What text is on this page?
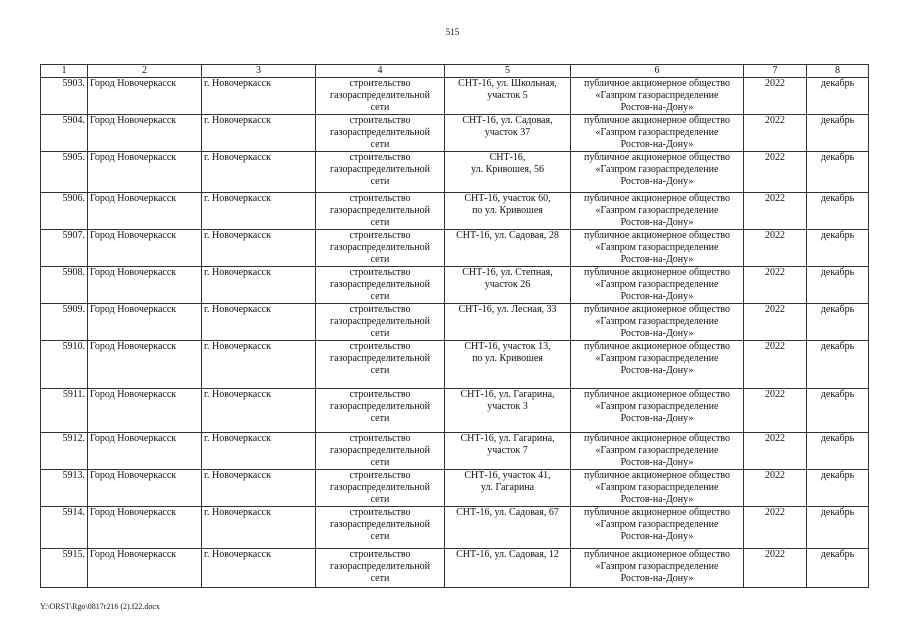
515
1	2	3	4	5	6	7	8
5903.	Город Новочеркасск	г. Новочеркасск	строительство
газораспределительной
сети	СНТ-16, ул. Школьная,
участок 5	публичное акционерное общество
«Газпром газораспределение
Ростов-на-Дону»	2022	декабрь
5904.	Город Новочеркасск	г. Новочеркасск	строительство
газораспределительной
сети	СНТ-16, ул. Садовая,
участок 37	публичное акционерное общество
«Газпром газораспределение
Ростов-на-Дону»	2022	декабрь
5905.	Город Новочеркасск	г. Новочеркасск	строительство
газораспределительной
сети	СНТ-16,
ул. Кривошея, 56	публичное акционерное общество
«Газпром газораспределение
Ростов-на-Дону»	2022	декабрь
5906.	Город Новочеркасск	г. Новочеркасск	строительство
газораспределительной
сети	СНТ-16, участок 60,
по ул. Кривошея	публичное акционерное общество
«Газпром газораспределение
Ростов-на-Дону»	2022	декабрь
5907.	Город Новочеркасск	г. Новочеркасск	строительство
газораспределительной
сети	СНТ-16, ул. Садовая, 28	публичное акционерное общество
«Газпром газораспределение
Ростов-на-Дону»	2022	декабрь
5908.	Город Новочеркасск	г. Новочеркасск	строительство
газораспределительной
сети	СНТ-16, ул. Степная,
участок 26	публичное акционерное общество
«Газпром газораспределение
Ростов-на-Дону»	2022	декабрь
5909.	Город Новочеркасск	г. Новочеркасск	строительство
газораспределительной
сети	СНТ-16, ул. Лесная, 33	публичное акционерное общество
«Газпром газораспределение
Ростов-на-Дону»	2022	декабрь
5910.	Город Новочеркасск	г. Новочеркасск	строительство
газораспределительной
сети	СНТ-16, участок 13,
по ул. Кривошея	публичное акционерное общество
«Газпром газораспределение
Ростов-на-Дону»	2022	декабрь
5911.	Город Новочеркасск	г. Новочеркасск	строительство
газораспределительной
сети	СНТ-16, ул. Гагарина,
участок 3	публичное акционерное общество
«Газпром газораспределение
Ростов-на-Дону»	2022	декабрь
5912.	Город Новочеркасск	г. Новочеркасск	строительство
газораспределительной
сети	СНТ-16, ул. Гагарина,
участок 7	публичное акционерное общество
«Газпром газораспределение
Ростов-на-Дону»	2022	декабрь
5913.	Город Новочеркасск	г. Новочеркасск	строительство
газораспределительной
сети	СНТ-16, участок 41,
ул. Гагарина	публичное акционерное общество
«Газпром газораспределение
Ростов-на-Дону»	2022	декабрь
5914.	Город Новочеркасск	г. Новочеркасск	строительство
газораспределительной
сети	СНТ-16, ул. Садовая, 67	публичное акционерное общество
«Газпром газораспределение
Ростов-на-Дону»	2022	декабрь
5915.	Город Новочеркасск	г. Новочеркасск	строительство
газораспределительной
сети	СНТ-16, ул. Садовая, 12	публичное акционерное общество
«Газпром газораспределение
Ростов-на-Дону»	2022	декабрь
Y:\ORST\Rgo\0817r216 (2).f22.docx
